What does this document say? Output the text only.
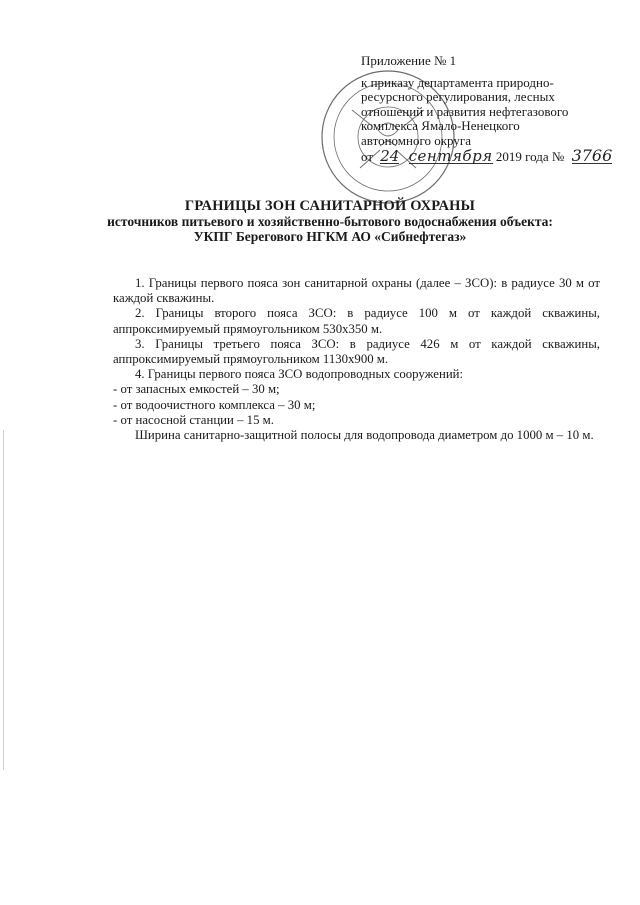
Приложение № 1
к приказу департамента природно-
ресурсного регулирования, лесных
отношений и развития нефтегазового
комплекса Ямало-Ненецкого
автономного округа
от 24 сентября 2019 года № 3766
ГРАНИЦЫ ЗОН САНИТАРНОЙ ОХРАНЫ
источников питьевого и хозяйственно-бытового водоснабжения объекта:
УКПГ Берегового НГКМ АО «Сибнефтегаз»

1. Границы первого пояса зон санитарной охраны (далее – ЗСО): в радиусе 30 м от каждой скважины.

2. Границы второго пояса ЗСО: в радиусе 100 м от каждой скважины, аппроксимируемый прямоугольником 530х350 м.

3. Границы третьего пояса ЗСО: в радиусе 426 м от каждой скважины, аппроксимируемый прямоугольником 1130х900 м.

4. Границы первого пояса ЗСО водопроводных сооружений:

- от запасных емкостей – 30 м;

- от водоочистного комплекса – 30 м;

- от насосной станции – 15 м.

Ширина санитарно-защитной полосы для водопровода диаметром до 1000 м – 10 м.
